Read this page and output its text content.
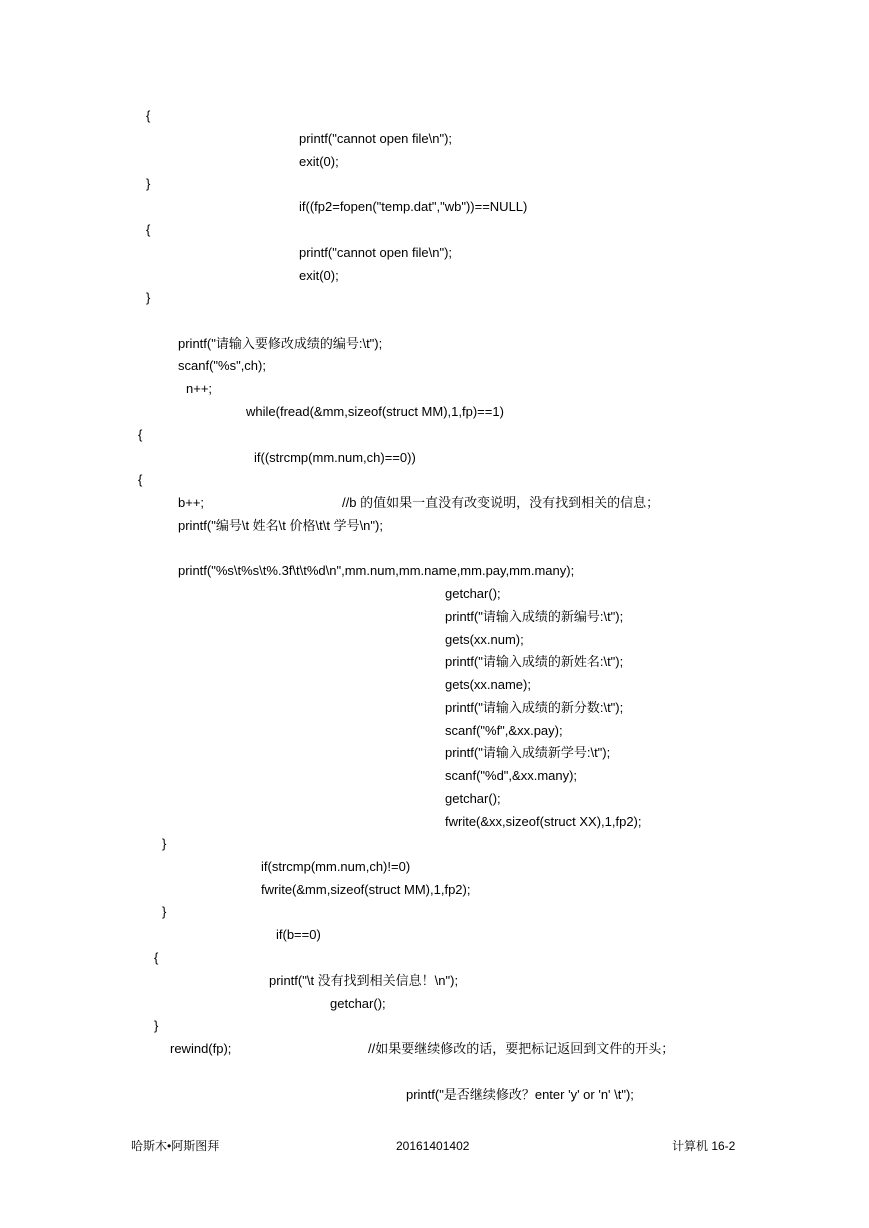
{
printf("cannot open file\n");
exit(0);
}
if((fp2=fopen("temp.dat","wb"))==NULL)
{
printf("cannot open file\n");
exit(0);
}
printf("请输入要修改成绩的编号:\t");
scanf("%s",ch);
n++;
while(fread(&mm,sizeof(struct MM),1,fp)==1)
{
if((strcmp(mm.num,ch)==0))
{
b++;	//b 的值如果一直没有改变说明，没有找到相关的信息；
printf("编号\t 姓名\t 价格\t\t 学号\n");
printf("%s\t%s\t%.3f\t\t%d\n",mm.num,mm.name,mm.pay,mm.many);
getchar();
printf("请输入成绩的新编号:\t");
gets(xx.num);
printf("请输入成绩的新姓名:\t");
gets(xx.name);
printf("请输入成绩的新分数:\t");
scanf("%f",&xx.pay);
printf("请输入成绩新学号:\t");
scanf("%d",&xx.many);
getchar();
fwrite(&xx,sizeof(struct XX),1,fp2);
}
if(strcmp(mm.num,ch)!=0)
fwrite(&mm,sizeof(struct MM),1,fp2);
}
if(b==0)
{
printf("\t 没有找到相关信息！\n");
getchar();
}
rewind(fp);	//如果要继续修改的话，要把标记返回到文件的开头；
printf("是否继续修改？enter 'y' or 'n' \t");
哈斯木•阿斯图拜	20161401402	计算机 16-2
